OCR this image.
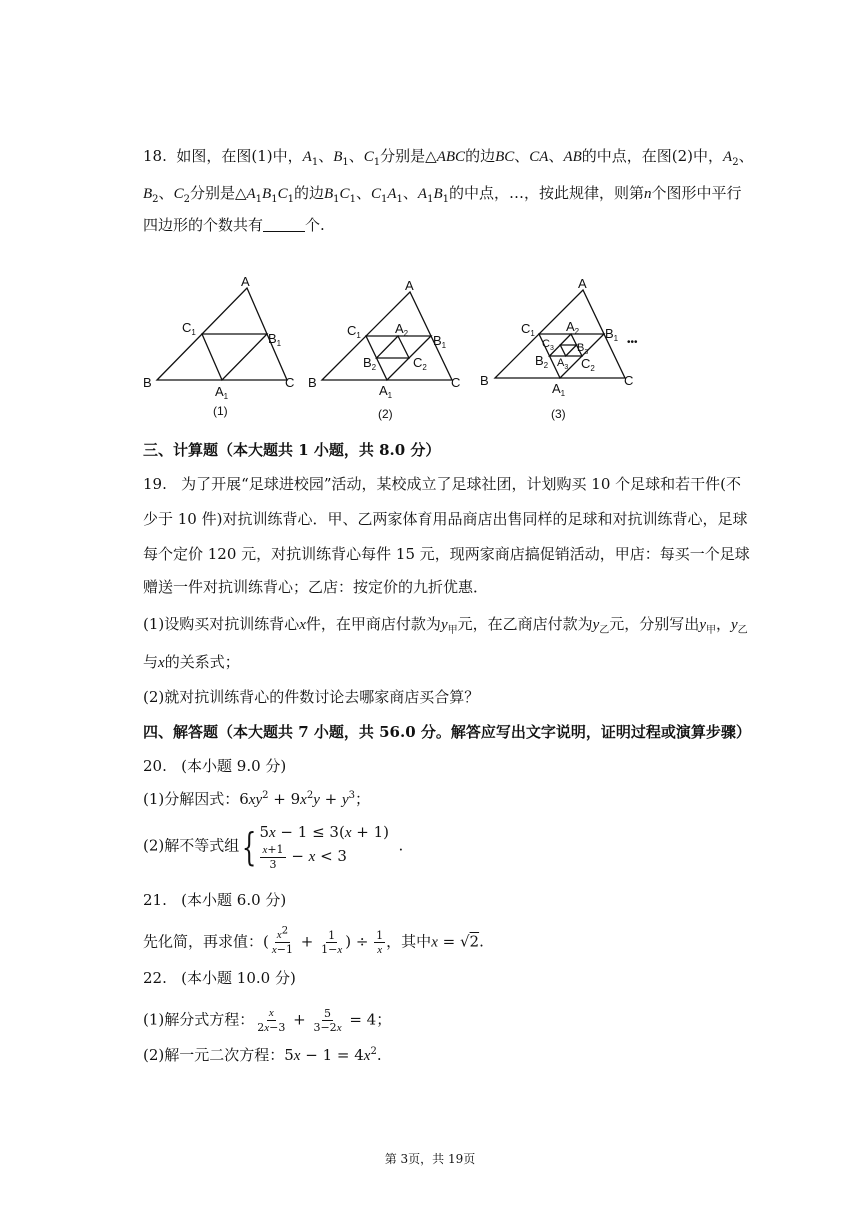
18. 如图，在图(1)中，$A_1$、$B_1$、$C_1$分别是△ABC的边BC、CA、AB的中点，在图(2)中，$A_2$、
$B_2$、$C_2$分别是$\triangle A_1B_1C_1$的边$B_1C_1$、$C_1A_1$、$A_1B_1$的中点，…，按此规律，则第n个图形中平行
四边形的个数共有	个.
A
B	C
$C_1$	$B_1$
$A_1$
(1)
A
B	C
$C_1$	$B_1$
$A_2$
$B_2$	$C_2$
$A_1$
(2)
A
B	C
$C_1$	$B_1$
$A_2$
$C_3$ $B_3$
$A_3$
$B_2$	$C_2$
$A_1$
•••
(3)
三、计算题（本大题共 1 小题，共 8.0 分）
19. 为了开展“足球进校园”活动，某校成立了足球社团，计划购买 10 个足球和若干件(不
少于 10 件)对抗训练背心．甲、乙两家体育用品商店出售同样的足球和对抗训练背心，足球
每个定价 120 元，对抗训练背心每件 15 元，现两家商店搞促销活动，甲店：每买一个足球
赠送一件对抗训练背心；乙店：按定价的九折优惠．
(1)设购买对抗训练背心x件，在甲商店付款为$y_甲$元，在乙商店付款为$y_乙$元，分别写出$y_甲$，$y_乙$
与x的关系式；
(2)就对抗训练背心的件数讨论去哪家商店买合算？
四、解答题（本大题共 7 小题，共 56.0 分。解答应写出文字说明，证明过程或演算步骤）
20. (本小题 9.0 分)
(1)分解因式：$6xy^2 + 9x^2y + y^3$；
(2)解不等式组{ 5x − 1 ≤ 3(x + 1)
$\frac{x+1}{3} - x < 3$
.
21. (本小题 6.0 分)
先化简，再求值：( $\frac{x^2}{x-1} + \frac{1}{1-x}$ ) ÷ $\frac{1}{x}$ ，其中x = √2.
22. (本小题 10.0 分)
(1)解分式方程： $\frac{x}{2x-3} + \frac{5}{3-2x} = 4$；
(2)解一元二次方程：$5x - 1 = 4x^2$.
第 3页，共 19页
